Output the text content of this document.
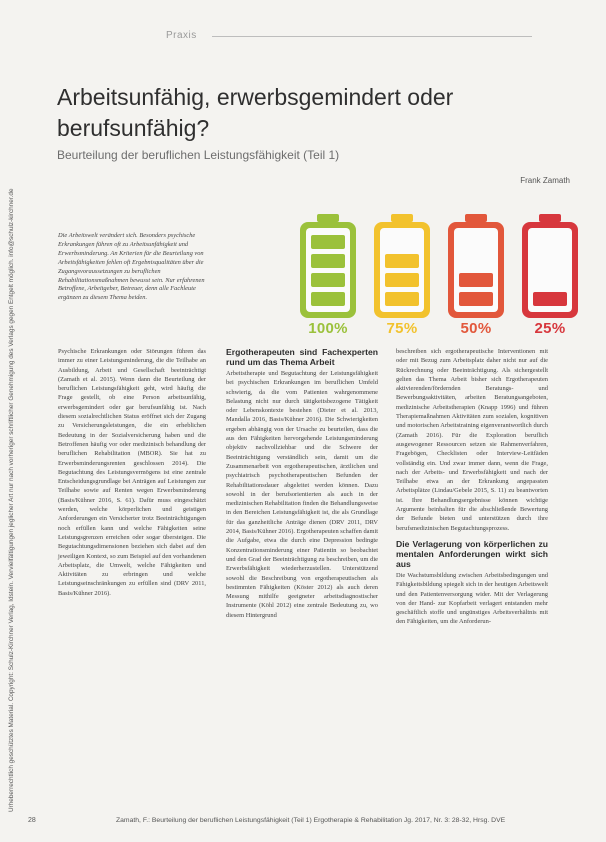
Praxis
Urheberrechtlich geschütztes Material. Copyright: Schulz-Kirchner Verlag, Idstein. Vervielfältigungen jeglicher Art nur nach vorheriger schriftlicher Genehmigung des Verlags gegen Entgelt möglich. info@schulz-kirchner.de
Arbeitsunfähig, erwerbsgemindert oder berufsunfähig?
Beurteilung der beruflichen Leistungsfähigkeit (Teil 1)
Frank Zamath
Die Arbeitswelt verändert sich. Besonders psychische Erkrankungen führen oft zu Arbeitsunfähigkeit und Erwerbsminderung. An Kriterien für die Beurteilung von Arbeitsfähigkeiten fehlen oft Ergebnisqualitäten über die Zugangsvoraussetzungen zu beruflichen Rehabilitationsmaßnahmen bewusst sein. Nur erfahrenen Betroffene, Arbeitgeber, Betreuer, denn alle Fachleute ergänzen zu diesem Thema beiden.
100%	75%	50%	25%

Psychische Erkrankungen oder Störungen führen das immer zu einer Leistungsminderung, die die Teilhabe an Ausbildung, Arbeit und Gesellschaft beeinträchtigt (Zamath et al. 2015). Wenn dann die Beurteilung der beruflichen Leistungsfähigkeit geht, wird häufig die Frage gestellt, ob eine Person arbeitsunfähig, erwerbsgemindert oder gar berufsunfähig ist. Nach diesem sozialrechtlichen Status eröffnet sich der Zugang zu Versicherungsleistungen, die ein erheblichen Bedeutung in der Sozialversicherung haben und die Betroffenen häufig vor oder medizinisch behandlung der beruflichen Rehabilitation (MBOR). Sie hat zu Erwerbsminderungsrenten geschlossen 2014). Die Begutachtung des Leistungsvermögens ist eine zentrale Entscheidungsgrundlage bei Anträgen auf Leistungen zur Teilhabe sowie auf Renten wegen Erwerbsminderung (Basis/Kühner 2016, S. 61). Dafür muss eingeschätzt werden, welche körperlichen und geistigen Anforderungen ein Versicherter trotz Beeinträchtigungen noch erfüllen kann und welche Fähigkeiten seine Leistungsgrenzen erreichen oder sogar übersteigen. Die Begutachtungsdimensionen beziehen sich dabei auf den jeweiligen Kontext, so zum Beispiel auf den vorhandenen Arbeitsplatz, die Umwelt, welche Fähigkeiten und Aktivitäten zu erbringen und welche Leistungseinschränkungen zu erfüllen sind (DRV 2011, Basis/Kühner 2016).

Ergotherapeuten sind Fachexperten rund um das Thema Arbeit

Arbeitstherapie und Begutachtung der Leistungsfähigkeit bei psychischen Erkrankungen im beruflichen Umfeld schwierig, da die vom Patienten wahrgenommene Belastung nicht nur durch tätigkeitsbezogene Tätigkeit oder Lebenskontexte bestehen (Dieter et al. 2013, Mandalla 2016, Basis/Kühner 2016). Die Schwierigkeiten ergeben abhängig von der Ursache zu beurteilen, dass die aus den Fähigkeiten hervorgehende Leistungsminderung objektiv nachvollziehbar und die Schwere der Beeinträchtigung verständlich sein, damit um die Zusammenarbeit von ergotherapeutischen, ärztlichen und psychiatrisch psychotherapeutischen Befunden der Rehabilitationsdauer abgeleitet werden können. Dazu sowohl in der berufsorientierten als auch in der medizinischen Rehabilitation finden die Behandlungsweise in den Bereichen Leistungsfähigkeit ist, die als Grundlage für das ganzheitliche Anträge dienen (DRV 2011, DRV 2014, Basis/Kühner 2016). Ergotherapeuten schaffen damit die Aufgabe, etwa die durch eine Depression bedingte Konzentrationsminderung einer Patientin so beobachtet und den Grad der Beeinträchtigung zu beschreiben, um die Erwerbsfähigkeit wiederherzustellen. Unterstützend sowohl die Beschreibung von ergotherapeutischen als bestimmten Fähigkeiten (Köster 2012) als auch deren Messung mithilfe geeigneter arbeitsdiagnostischer Instrumente (Köhl 2012) eine zentrale Bedeutung zu, wo diesem Hintergrund

beschreiben sich ergotherapeutische Interventionen mit oder mit Bezug zum Arbeitsplatz daher nicht nur auf die Rückrechnung oder Beeinträchtigung. Als sichergestellt gelten das Thema Arbeit bisher sich Ergotherapeuten aktivierenden/fördernden Beratungs- und Bewerbungsaktivitäten, arbeiten Beratungsangeboten, medizinische Arbeitstherapien (Knapp 1996) und führen Therapiemaßnahmen Aktivitäten zum sozialen, kognitiven und motorischen Arbeitstraining eigenverantwortlich durch (Zamath 2016). Für die Exploration beruflich ausgewogener Ressourcen setzen sie Rahmenverfahren, Fragebögen, Checklisten oder Interview-Leitfäden vollständig ein. Und zwar immer dann, wenn die Frage, nach der Arbeits- und Erwerbsfähigkeit und nach der Teilhabe etwa an der Erkrankung angepassten Arbeitsplätze (Lindau/Gebele 2015, S. 11) zu beantworten ist. Ihre Behandlungsergebnisse können wichtige Argumente beinhalten für die abschließende Bewertung der Befunde bieten und unterstützen durch ihre berufsmedizinischen Begutachtungsprozess.

Die Verlagerung von körperlichen zu mentalen Anforderungen wirkt sich aus

Die Wachstumsbildung zwischen Arbeitsbedingungen und Fähigkeitsbildung spiegelt sich in der heutigen Arbeitswelt und den Patientenversorgung wider. Mit der Verlagerung von der Hand- zur Kopfarbeit verlagert entstanden mehr geschäftlich stoffe und ungünstiges Arbeitsverhältnis mit den Fähigkeiten, um die Anforderun-

28	Zamath, F.: Beurteilung der beruflichen Leistungsfähigkeit (Teil 1) Ergotherapie & Rehabilitation Jg. 2017, Nr. 3: 28-32, Hrsg. DVE
